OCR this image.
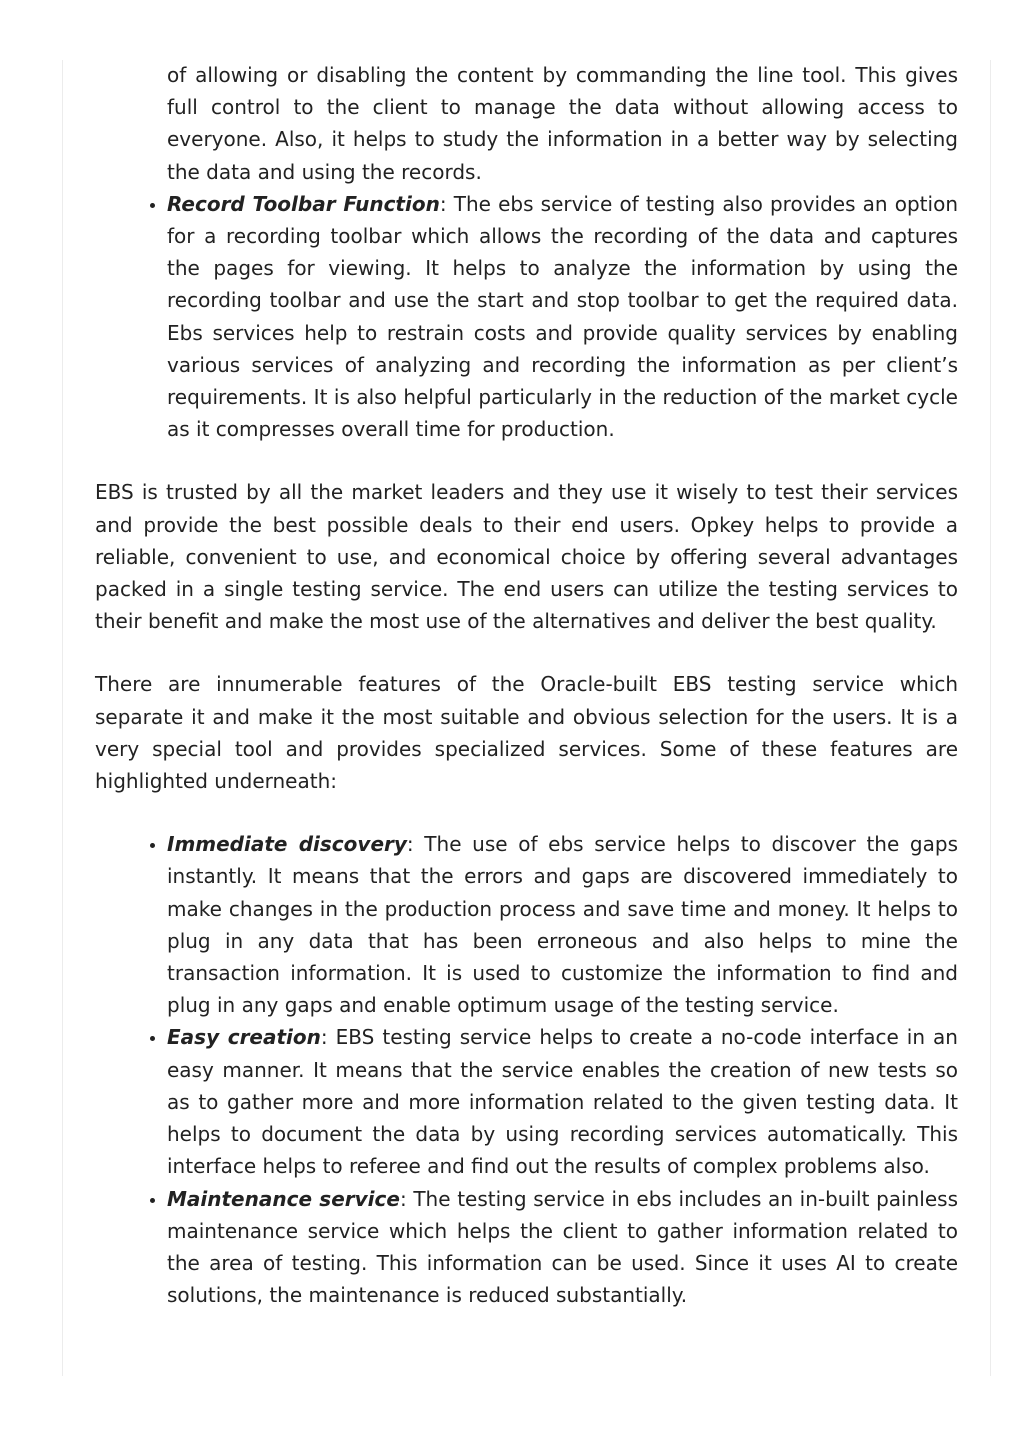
of allowing or disabling the content by commanding the line tool. This gives full control to the client to manage the data without allowing access to everyone. Also, it helps to study the information in a better way by selecting the data and using the records.

• Record Toolbar Function: The ebs service of testing also provides an option for a recording toolbar which allows the recording of the data and captures the pages for viewing. It helps to analyze the information by using the recording toolbar and use the start and stop toolbar to get the required data. Ebs services help to restrain costs and provide quality services by enabling various services of analyzing and recording the information as per client’s requirements. It is also helpful particularly in the reduction of the market cycle as it compresses overall time for production.

EBS is trusted by all the market leaders and they use it wisely to test their services and provide the best possible deals to their end users. Opkey helps to provide a reliable, convenient to use, and economical choice by offering several advantages packed in a single testing service. The end users can utilize the testing services to their benefit and make the most use of the alternatives and deliver the best quality.

There are innumerable features of the Oracle-built EBS testing service which separate it and make it the most suitable and obvious selection for the users. It is a very special tool and provides specialized services. Some of these features are highlighted underneath:

• Immediate discovery: The use of ebs service helps to discover the gaps instantly. It means that the errors and gaps are discovered immediately to make changes in the production process and save time and money. It helps to plug in any data that has been erroneous and also helps to mine the transaction information. It is used to customize the information to find and plug in any gaps and enable optimum usage of the testing service.
• Easy creation: EBS testing service helps to create a no-code interface in an easy manner. It means that the service enables the creation of new tests so as to gather more and more information related to the given testing data. It helps to document the data by using recording services automatically. This interface helps to referee and find out the results of complex problems also.
• Maintenance service: The testing service in ebs includes an in-built painless maintenance service which helps the client to gather information related to the area of testing. This information can be used. Since it uses AI to create solutions, the maintenance is reduced substantially.
